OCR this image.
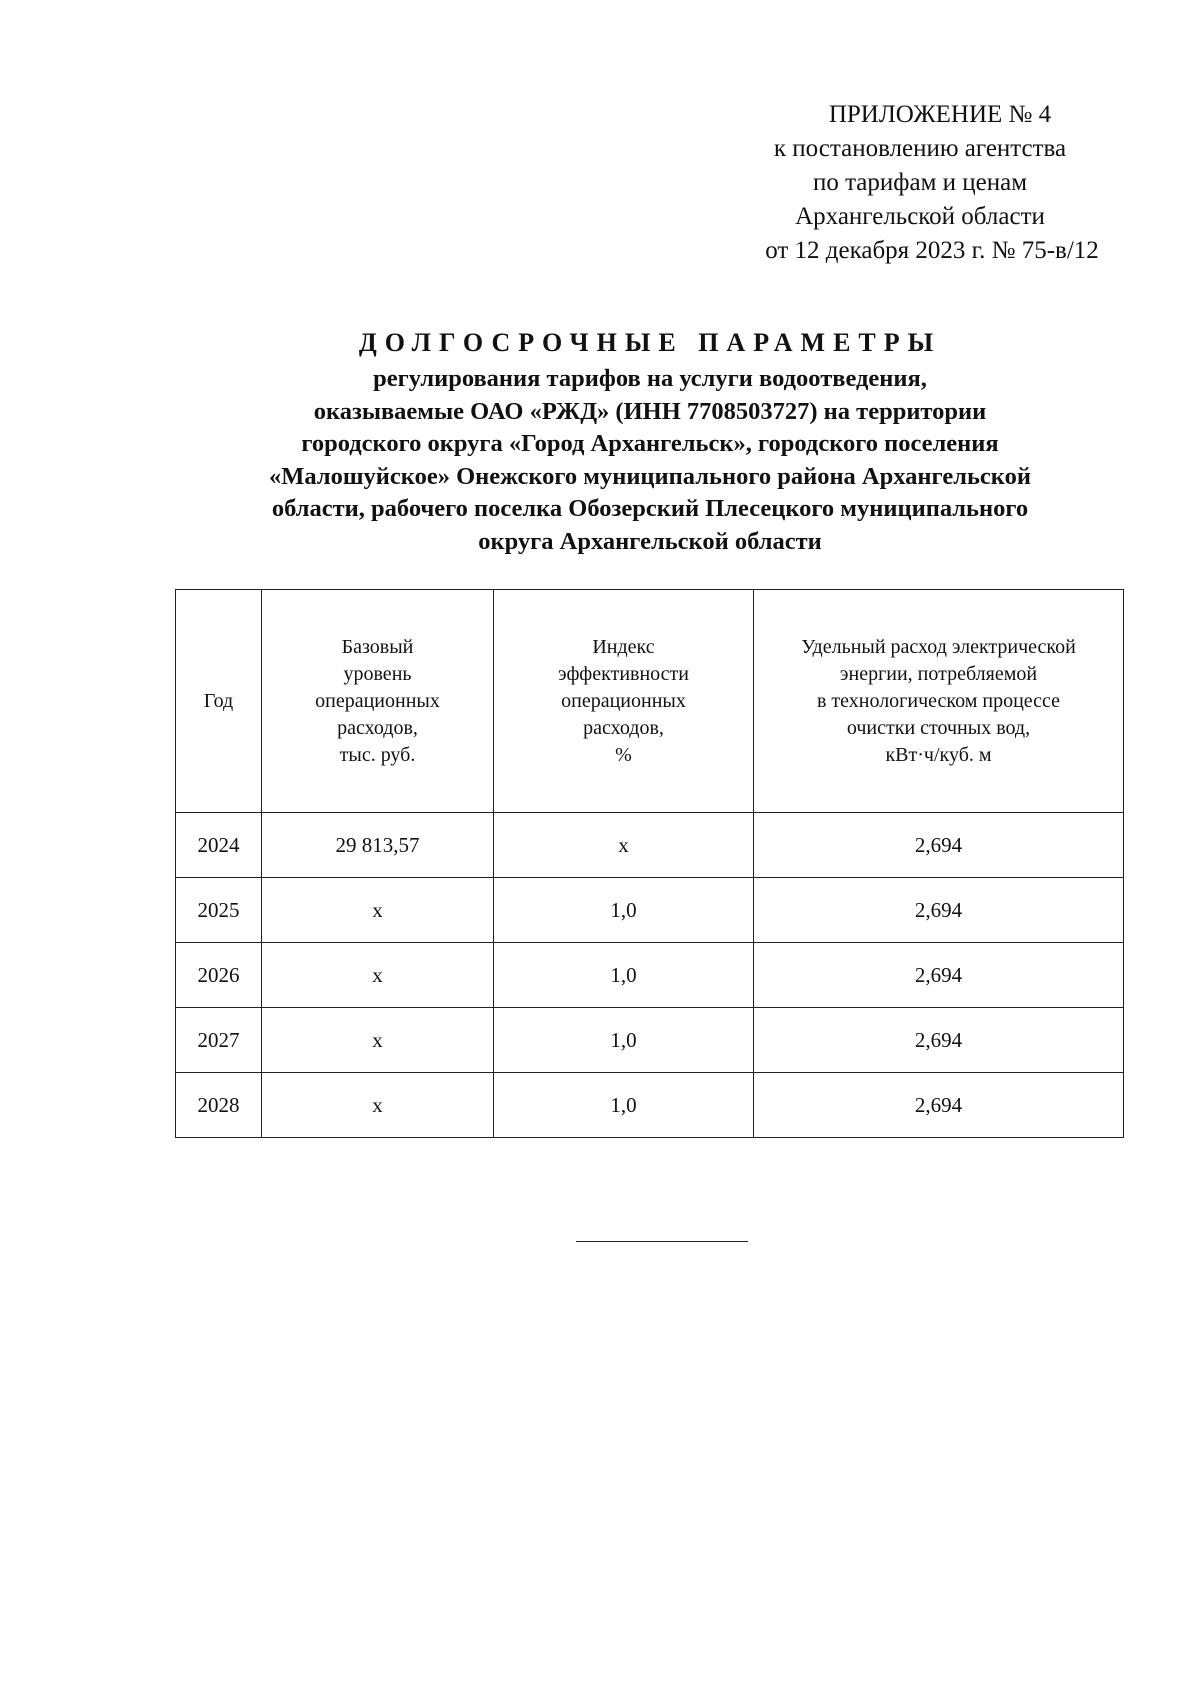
ПРИЛОЖЕНИЕ № 4
к постановлению агентства
по тарифам и ценам
Архангельской области
от 12 декабря 2023 г. № 75-в/12
ДОЛГОСРОЧНЫЕ ПАРАМЕТРЫ
регулирования тарифов на услуги водоотведения,
оказываемые ОАО «РЖД» (ИНН 7708503727) на территории
городского округа «Город Архангельск», городского поселения
«Малошуйское» Онежского муниципального района Архангельской
области, рабочего поселка Обозерский Плесецкого муниципального
округа Архангельской области
Год	Базовый
уровень
операционных
расходов,
тыс. руб.	Индекс
эффективности
операционных
расходов,
%	Удельный расход электрической
энергии, потребляемой
в технологическом процессе
очистки сточных вод,
кВт·ч/куб. м

2024	29 813,57	х	2,694
2025	х	1,0	2,694
2026	х	1,0	2,694
2027	х	1,0	2,694
2028	х	1,0	2,694
